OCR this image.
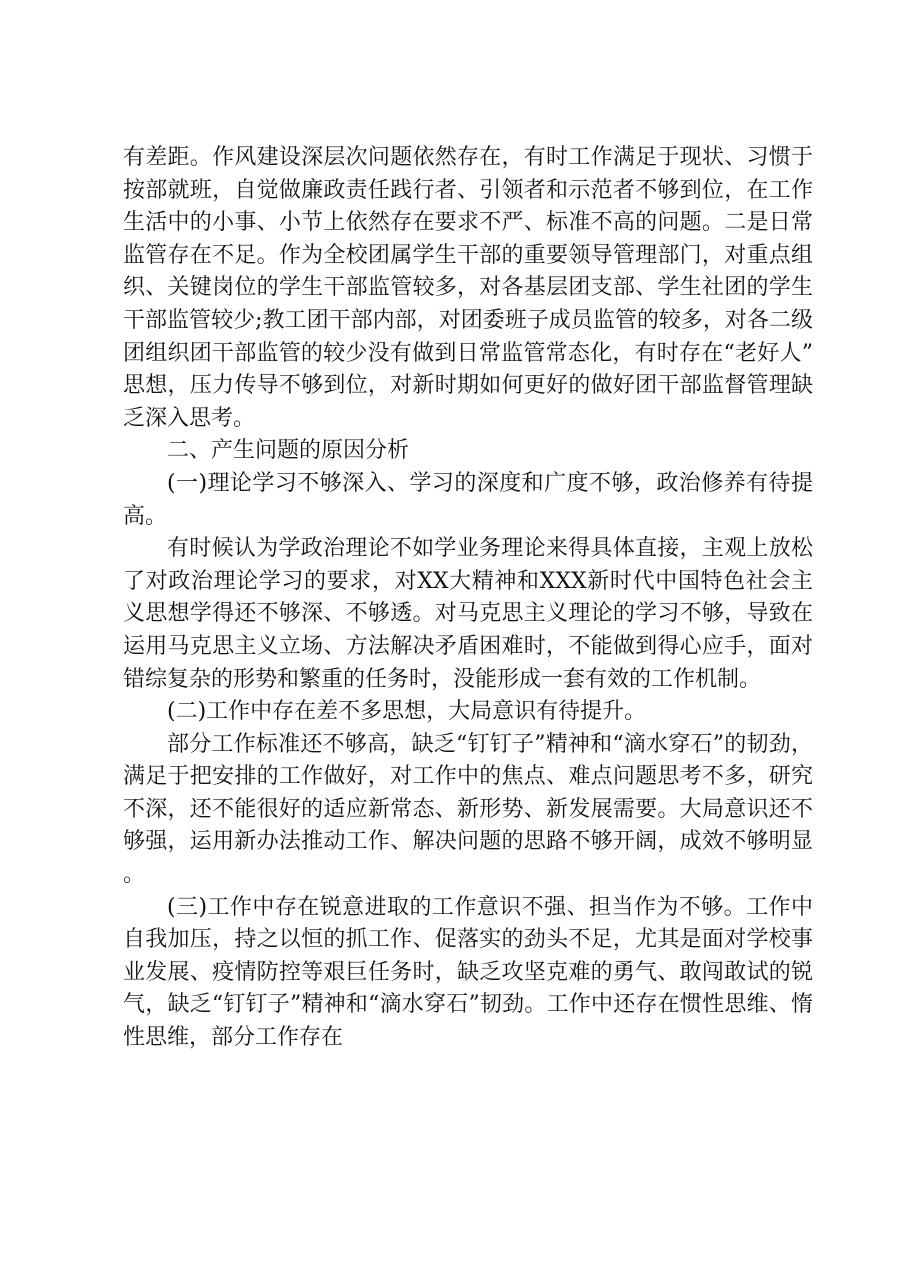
有差距。作风建设深层次问题依然存在，有时工作满足于现状、习惯于按部就班，自觉做廉政责任践行者、引领者和示范者不够到位，在工作生活中的小事、小节上依然存在要求不严、标准不高的问题。二是日常监管存在不足。作为全校团属学生干部的重要领导管理部门，对重点组织、关键岗位的学生干部监管较多，对各基层团支部、学生社团的学生干部监管较少;教工团干部内部，对团委班子成员监管的较多，对各二级团组织团干部监管的较少没有做到日常监管常态化，有时存在“老好人”思想，压力传导不够到位，对新时期如何更好的做好团干部监督管理缺乏深入思考。

二、产生问题的原因分析

(一)理论学习不够深入、学习的深度和广度不够，政治修养有待提高。

有时候认为学政治理论不如学业务理论来得具体直接，主观上放松了对政治理论学习的要求，对XX大精神和XXX新时代中国特色社会主义思想学得还不够深、不够透。对马克思主义理论的学习不够，导致在运用马克思主义立场、方法解决矛盾困难时，不能做到得心应手，面对错综复杂的形势和繁重的任务时，没能形成一套有效的工作机制。

(二)工作中存在差不多思想，大局意识有待提升。

部分工作标准还不够高，缺乏“钉钉子”精神和“滴水穿石”的韧劲，满足于把安排的工作做好，对工作中的焦点、难点问题思考不多，研究不深，还不能很好的适应新常态、新形势、新发展需要。大局意识还不够强，运用新办法推动工作、解决问题的思路不够开阔，成效不够明显。

(三)工作中存在锐意进取的工作意识不强、担当作为不够。工作中自我加压，持之以恒的抓工作、促落实的劲头不足，尤其是面对学校事业发展、疫情防控等艰巨任务时，缺乏攻坚克难的勇气、敢闯敢试的锐气，缺乏“钉钉子”精神和“滴水穿石”韧劲。工作中还存在惯性思维、惰性思维，部分工作存在
